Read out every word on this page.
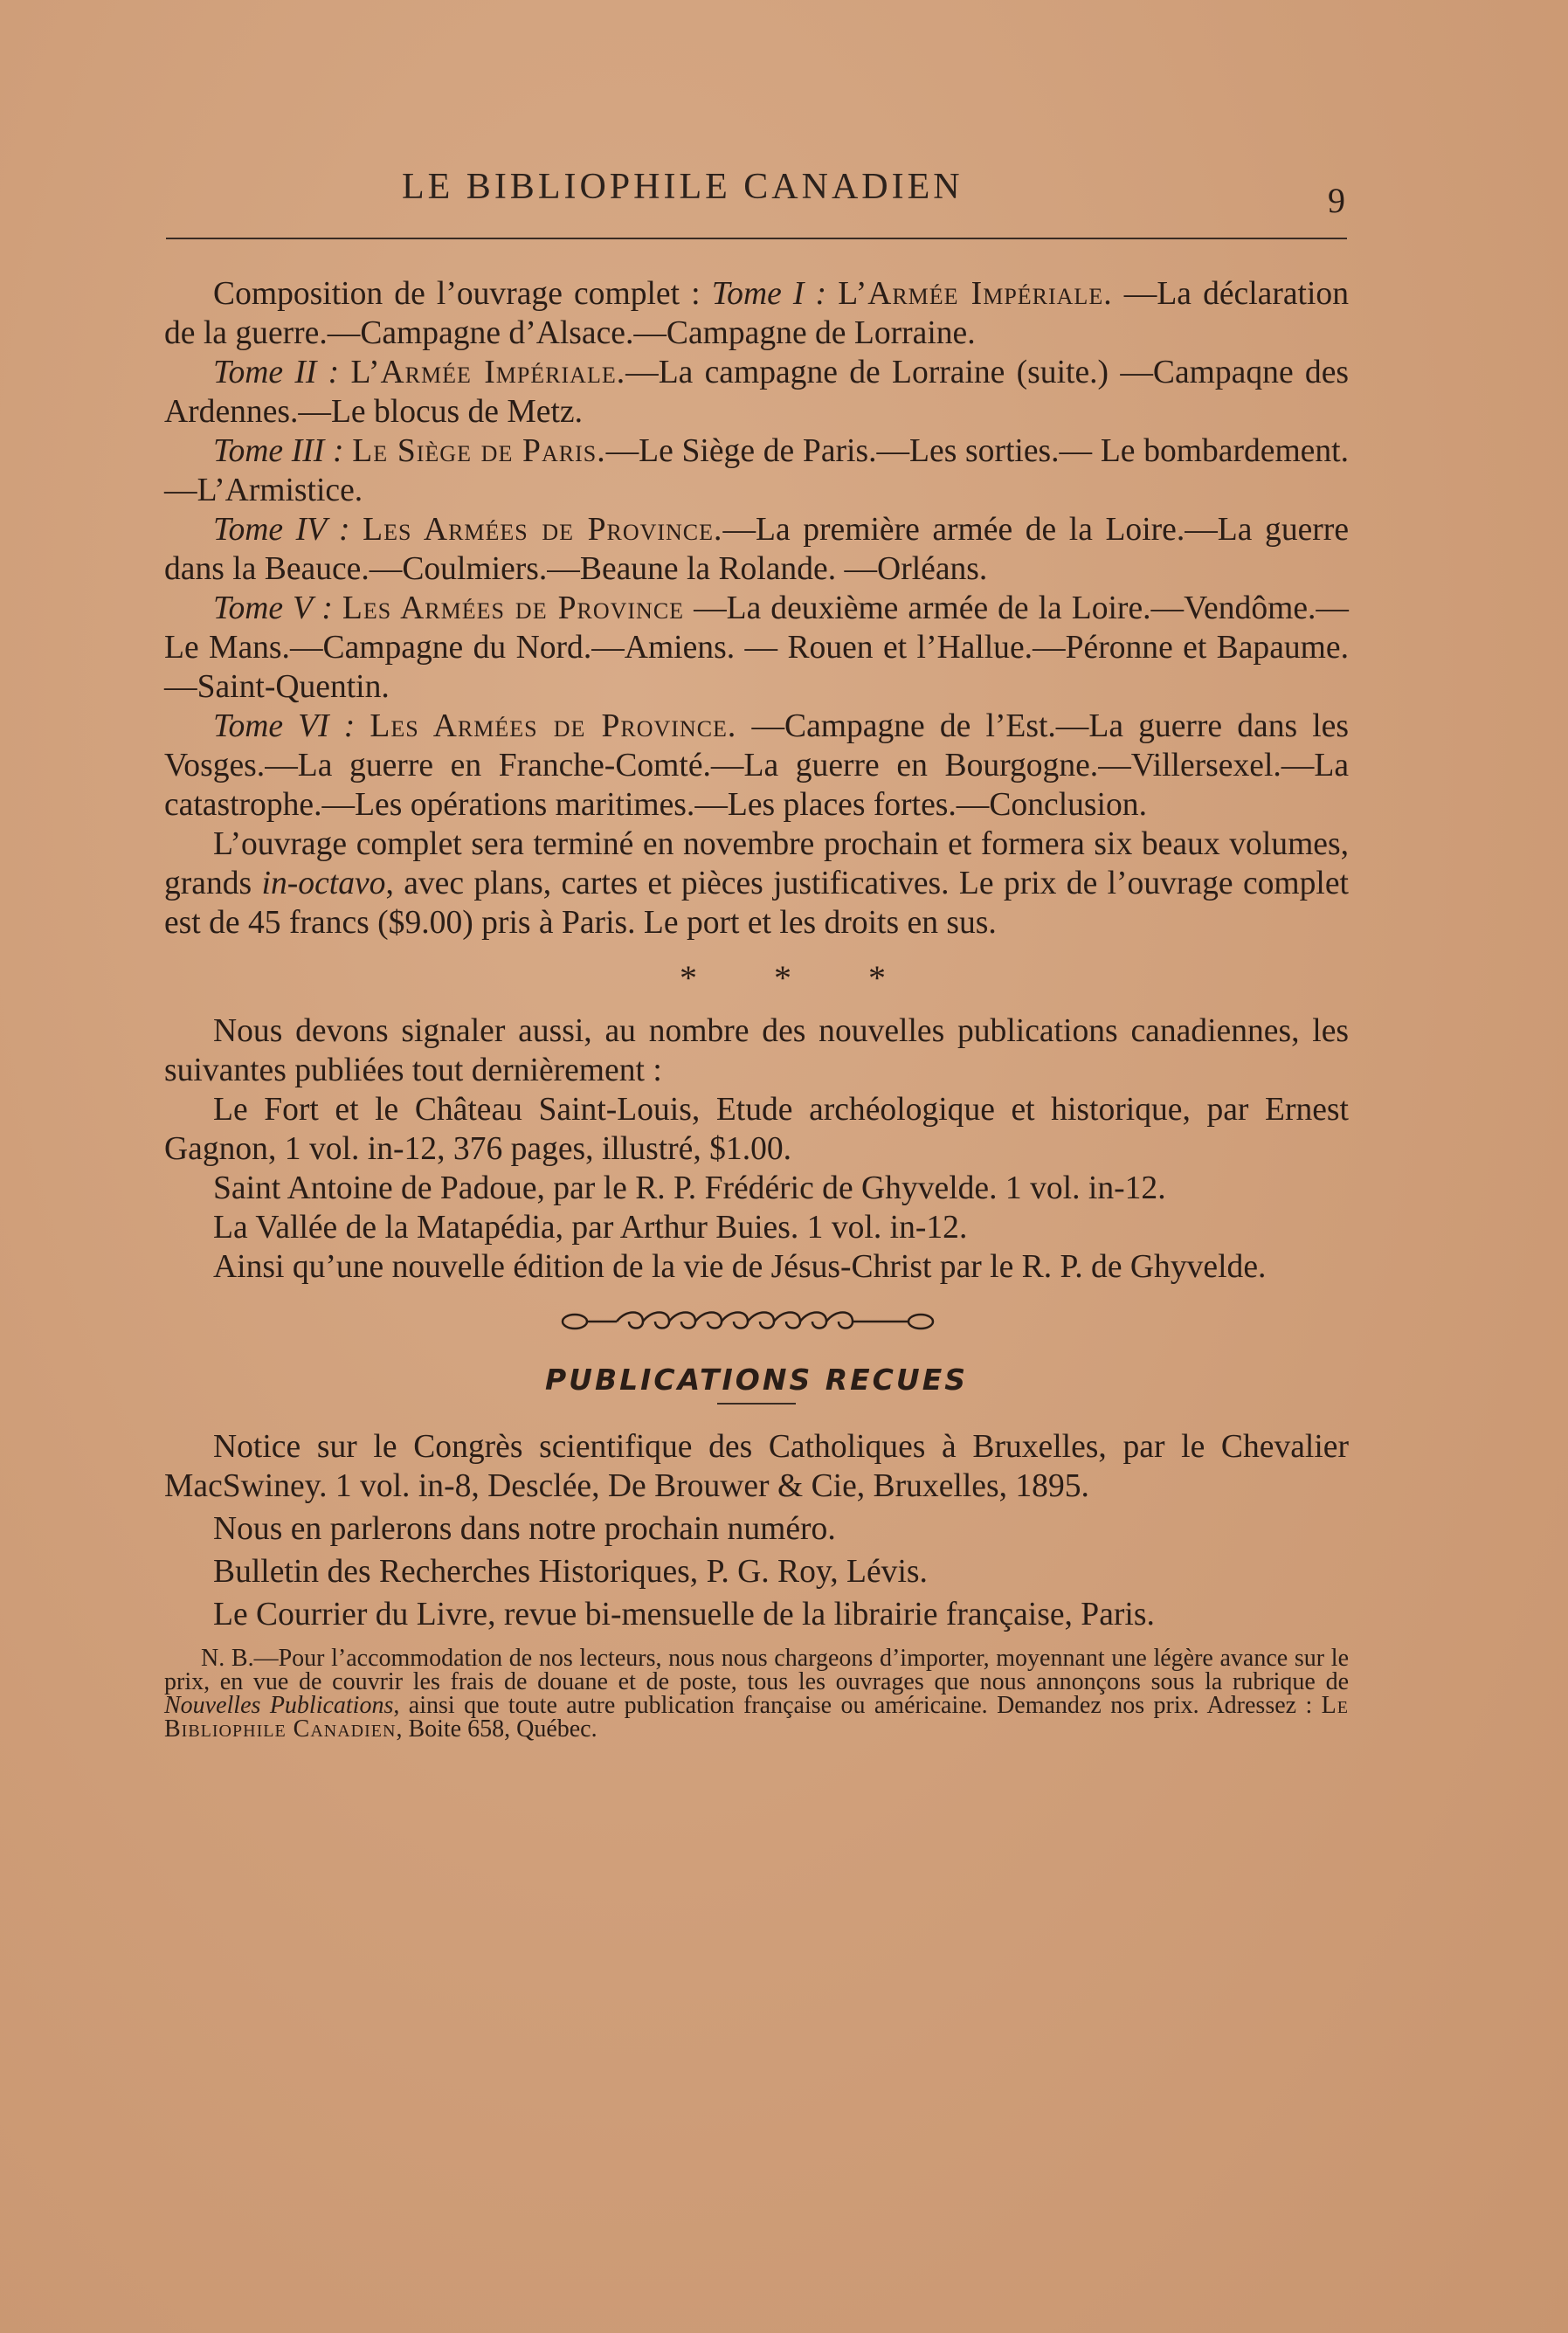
LE BIBLIOPHILE CANADIEN	9

Composition de l’ouvrage complet : Tome I : L’Armée Impériale. —La déclaration de la guerre.—Campagne d’Alsace.—Campagne de Lorraine.

Tome II : L’Armée Impériale.—La campagne de Lorraine (suite.) —Campaqne des Ardennes.—Le blocus de Metz.

Tome III : Le Siège de Paris.—Le Siège de Paris.—Les sorties.— Le bombardement.—L’Armistice.

Tome IV : Les Armées de Province.—La première armée de la Loire.—La guerre dans la Beauce.—Coulmiers.—Beaune la Rolande. —Orléans.

Tome V : Les Armées de Province —La deuxième armée de la Loire.—Vendôme.—Le Mans.—Campagne du Nord.—Amiens. — Rouen et l’Hallue.—Péronne et Bapaume.—Saint-Quentin.

Tome VI : Les Armées de Province. —Campagne de l’Est.—La guerre dans les Vosges.—La guerre en Franche-Comté.—La guerre en Bourgogne.—Villersexel.—La catastrophe.—Les opérations maritimes.—Les places fortes.—Conclusion.

L’ouvrage complet sera terminé en novembre prochain et formera six beaux volumes, grands in-octavo, avec plans, cartes et pièces justificatives. Le prix de l’ouvrage complet est de 45 francs ($9.00) pris à Paris. Le port et les droits en sus.

* * *

Nous devons signaler aussi, au nombre des nouvelles publications canadiennes, les suivantes publiées tout dernièrement :

Le Fort et le Château Saint-Louis, Etude archéologique et historique, par Ernest Gagnon, 1 vol. in-12, 376 pages, illustré, $1.00.

Saint Antoine de Padoue, par le R. P. Frédéric de Ghyvelde. 1 vol. in-12.

La Vallée de la Matapédia, par Arthur Buies. 1 vol. in-12.

Ainsi qu’une nouvelle édition de la vie de Jésus-Christ par le R. P. de Ghyvelde.

PUBLICATIONS RECUES

Notice sur le Congrès scientifique des Catholiques à Bruxelles, par le Chevalier MacSwiney. 1 vol. in-8, Desclée, De Brouwer & Cie, Bruxelles, 1895.

Nous en parlerons dans notre prochain numéro.

Bulletin des Recherches Historiques, P. G. Roy, Lévis.

Le Courrier du Livre, revue bi-mensuelle de la librairie française, Paris.

N. B.—Pour l’accommodation de nos lecteurs, nous nous chargeons d’importer, moyennant une légère avance sur le prix, en vue de couvrir les frais de douane et de poste, tous les ouvrages que nous annonçons sous la rubrique de Nouvelles Publications, ainsi que toute autre publication française ou américaine. Demandez nos prix. Adressez : Le Bibliophile Canadien, Boite 658, Québec.
